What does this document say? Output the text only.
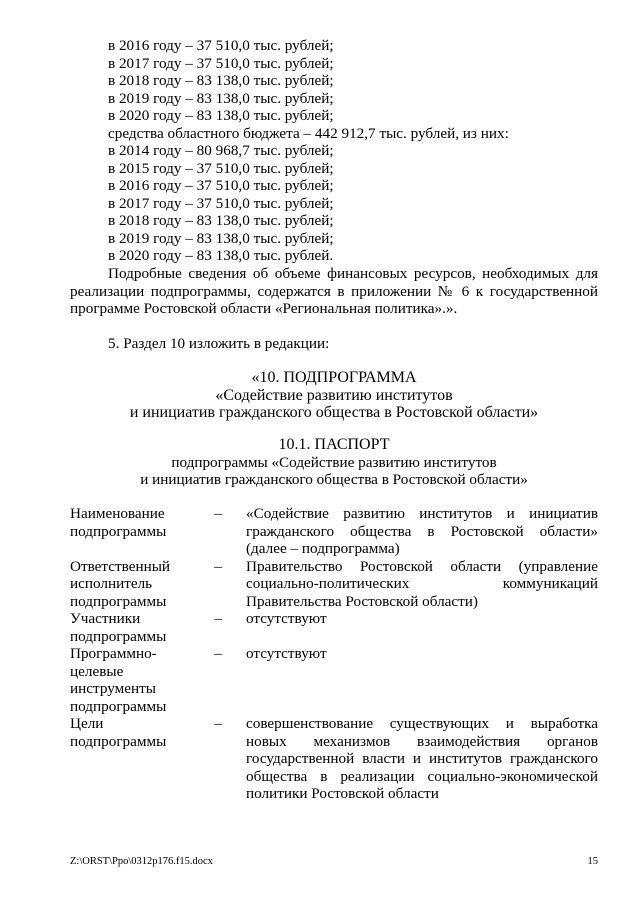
в 2016 году – 37 510,0 тыс. рублей;
в 2017 году – 37 510,0 тыс. рублей;
в 2018 году – 83 138,0 тыс. рублей;
в 2019 году – 83 138,0 тыс. рублей;
в 2020 году – 83 138,0 тыс. рублей;
средства областного бюджета – 442 912,7 тыс. рублей, из них:
в 2014 году – 80 968,7 тыс. рублей;
в 2015 году – 37 510,0 тыс. рублей;
в 2016 году – 37 510,0 тыс. рублей;
в 2017 году – 37 510,0 тыс. рублей;
в 2018 году – 83 138,0 тыс. рублей;
в 2019 году – 83 138,0 тыс. рублей;
в 2020 году – 83 138,0 тыс. рублей.
Подробные сведения об объеме финансовых ресурсов, необходимых для реализации подпрограммы, содержатся в приложении № 6 к государственной программе Ростовской области «Региональная политика».».
5. Раздел 10 изложить в редакции:
«10. ПОДПРОГРАММА
«Содействие развитию институтов
и инициатив гражданского общества в Ростовской области»
10.1. ПАСПОРТ
подпрограммы «Содействие развитию институтов
и инициатив гражданского общества в Ростовской области»
Наименование
подпрограммы
–	«Содействие развитию институтов и инициатив
гражданского общества в Ростовской области»
(далее – подпрограмма)
Ответственный
исполнитель
подпрограммы
–	Правительство Ростовской области (управление
социально-политических коммуникаций
Правительства Ростовской области)
Участники
подпрограммы
–	отсутствуют
Программно-
целевые
инструменты
подпрограммы
–	отсутствуют
Цели
подпрограммы
–	совершенствование существующих и выработка
новых механизмов взаимодействия органов
государственной власти и институтов гражданского
общества в реализации социально-экономической
политики Ростовской области
Z:\ORST\Ppo\0312p176.f15.docx	15
